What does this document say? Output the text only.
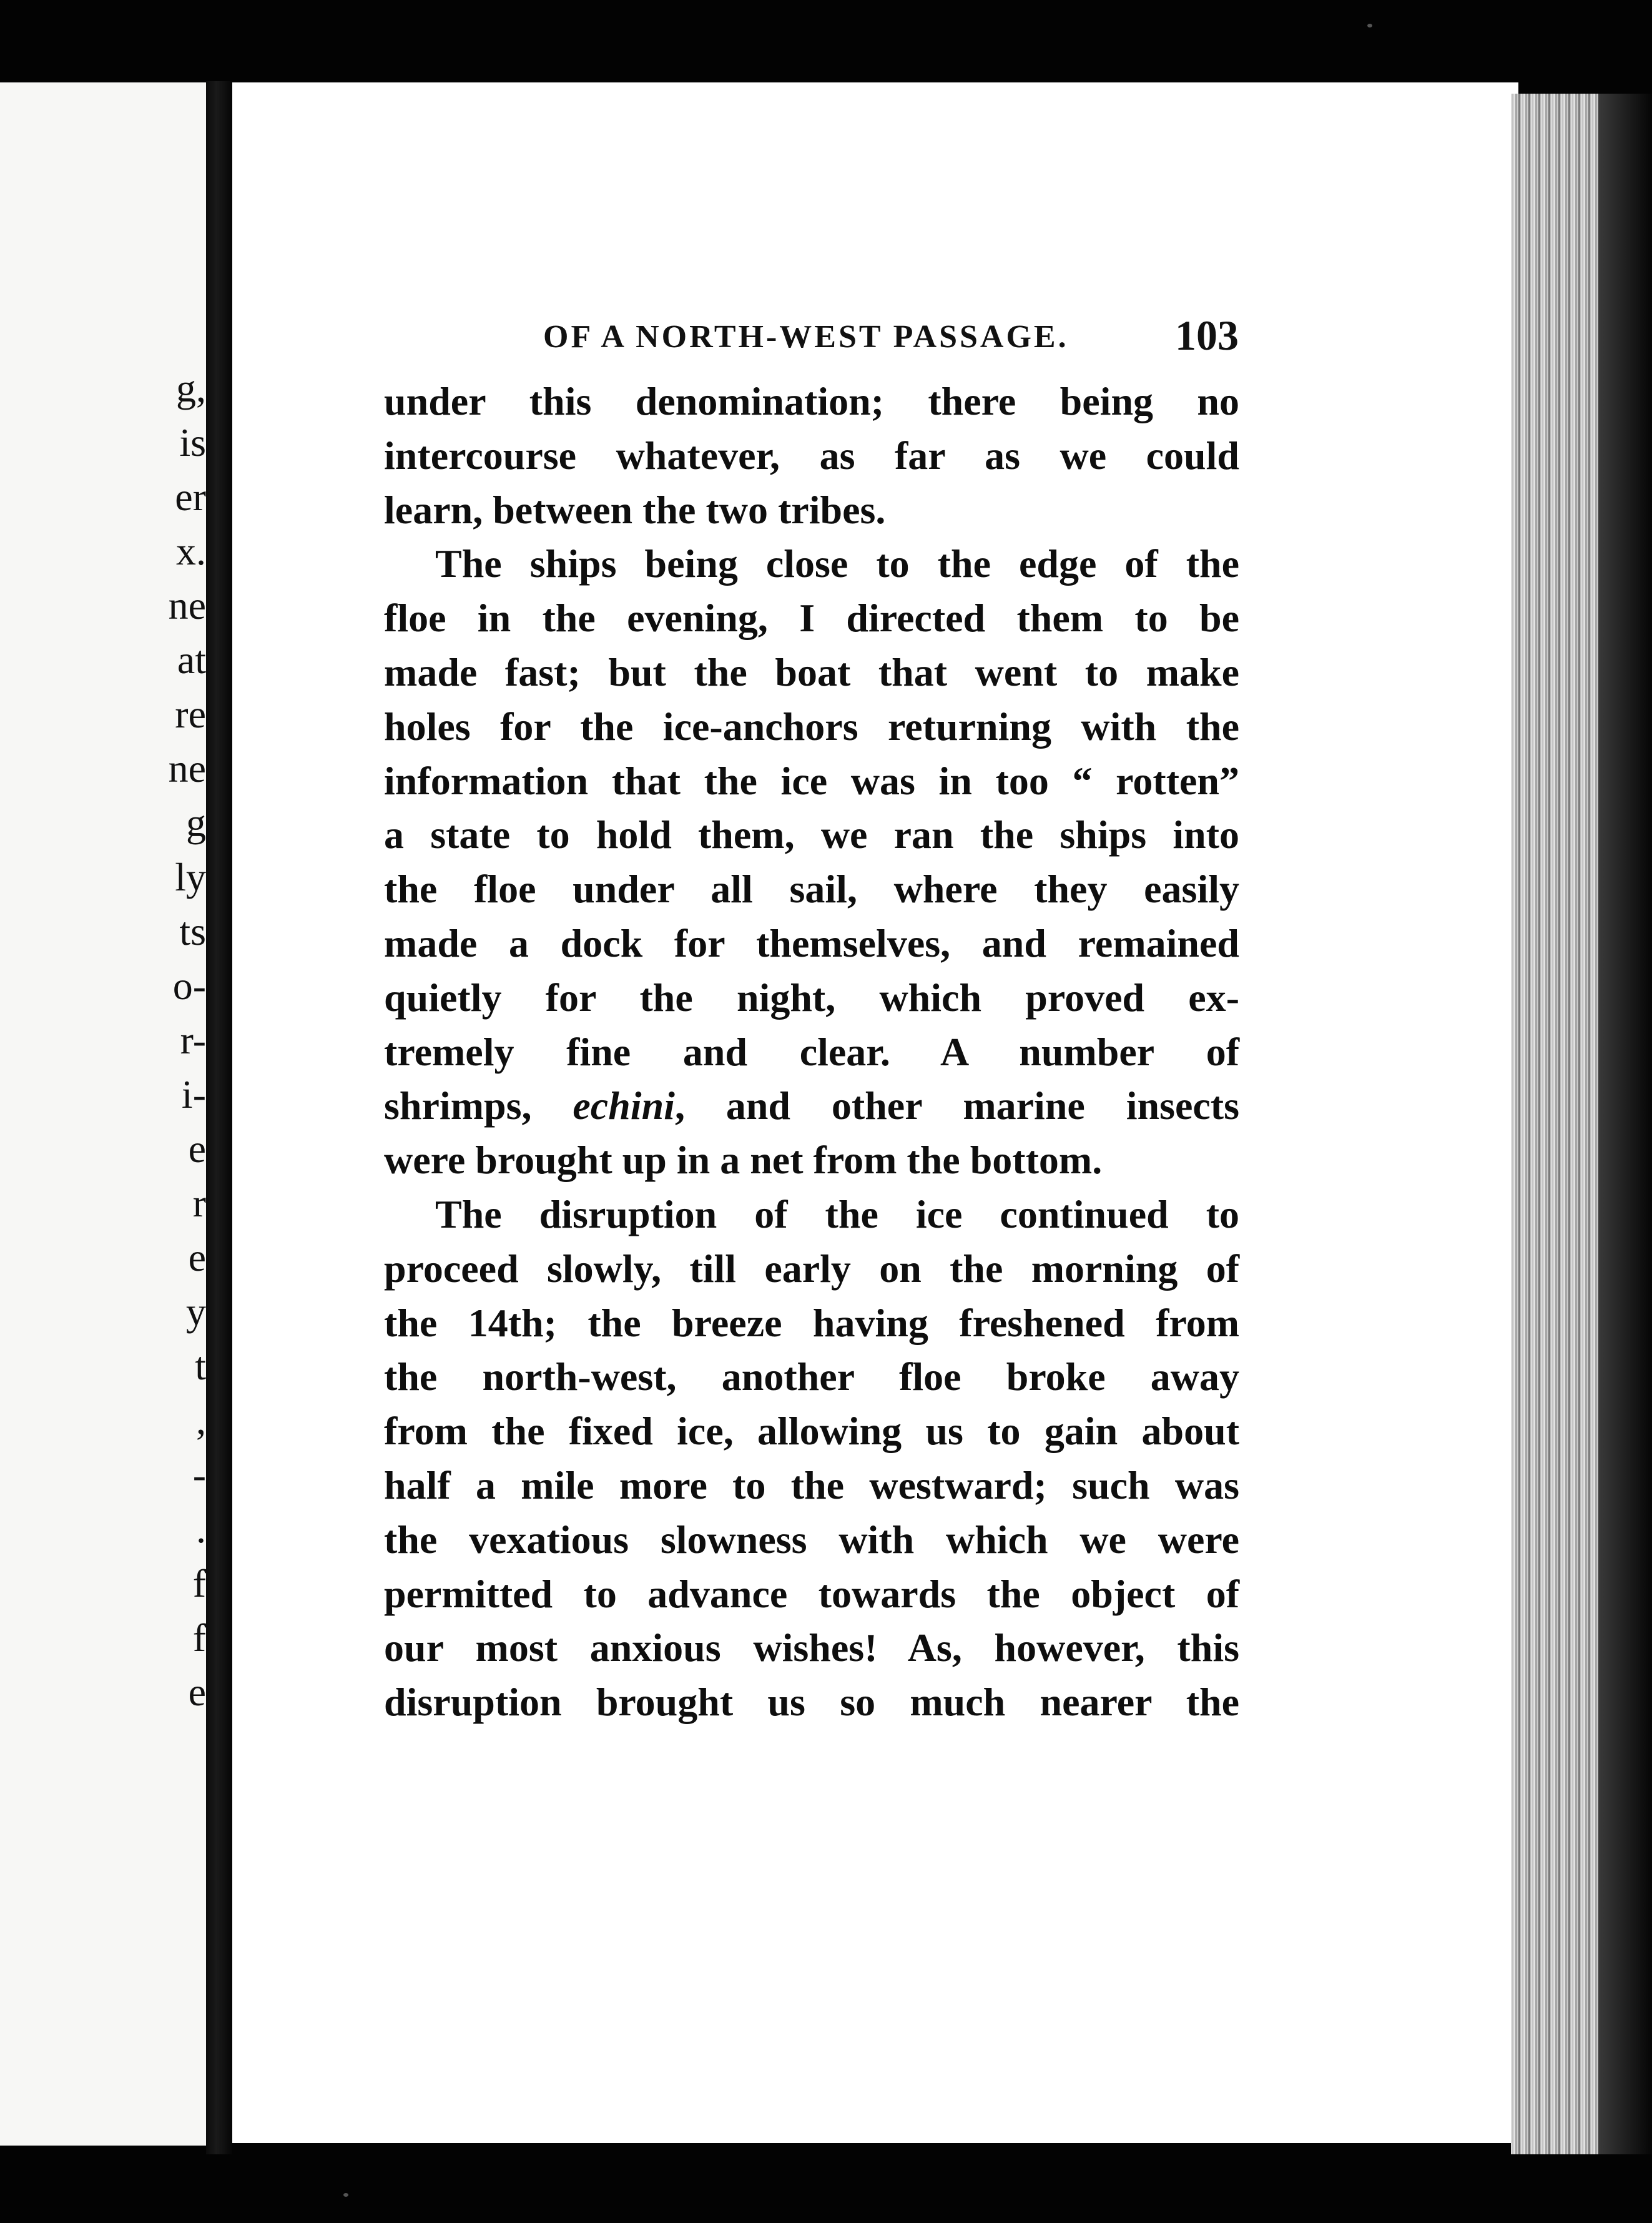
g,
is
er
x.
ne
at
re
ne
g
ly
ts
o-
r-
i-
e
r
e
y
t
,
-
.
f
f
e
OF A NORTH-WEST PASSAGE.	103
under this denomination; there being no
intercourse whatever, as far as we could
learn, between the two tribes.
The ships being close to the edge of the
floe in the evening, I directed them to be
made fast; but the boat that went to make
holes for the ice-anchors returning with the
information that the ice was in too “ rotten”
a state to hold them, we ran the ships into
the floe under all sail, where they easily
made a dock for themselves, and remained
quietly for the night, which proved ex-
tremely fine and clear. A number of
shrimps, echini, and other marine insects
were brought up in a net from the bottom.
The disruption of the ice continued to
proceed slowly, till early on the morning of
the 14th; the breeze having freshened from
the north-west, another floe broke away
from the fixed ice, allowing us to gain about
half a mile more to the westward; such was
the vexatious slowness with which we were
permitted to advance towards the object of
our most anxious wishes! As, however, this
disruption brought us so much nearer the
